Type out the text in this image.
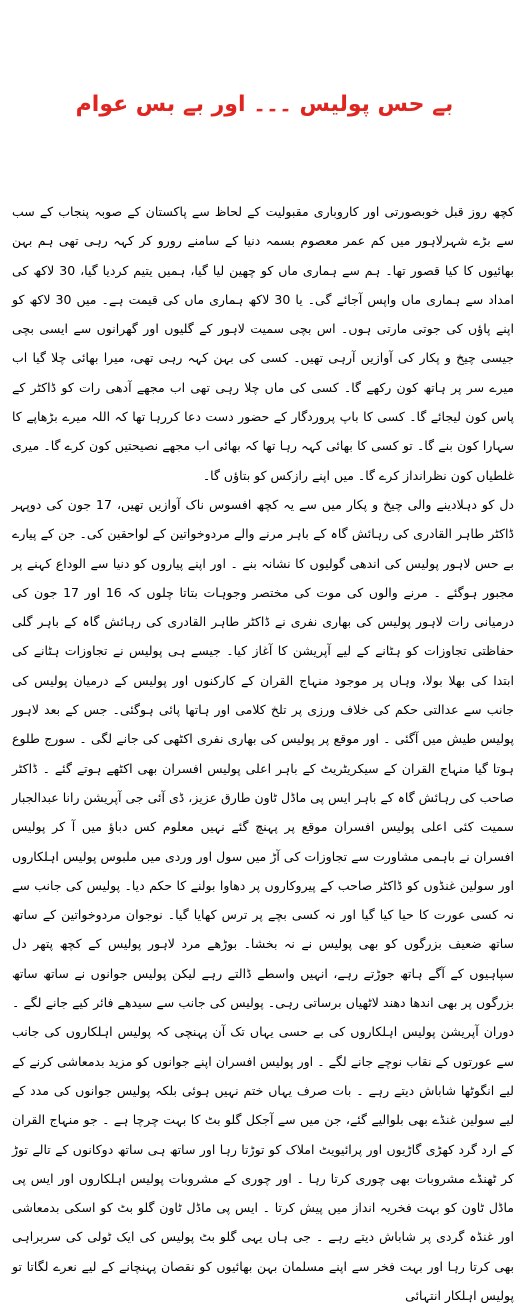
بے حس پولیس ۔۔۔ اور بے بس عوام

کچھ روز قبل خوبصورتی اور کاروباری مقبولیت کے لحاظ سے پاکستان کے صوبہ پنجاب کے سب سے بڑے شہرلاہور میں کم عمر معصوم بسمہ دنیا کے سامنے رورو کر کہہ رہی تھی ہم بہن بھائیوں کا کیا قصور تھا۔ ہم سے ہماری ماں کو چھین لیا گیا، ہمیں یتیم کردیا گیا، 30 لاکھ کی امداد سے ہماری ماں واپس آجائے گی۔ یا 30 لاکھ ہماری ماں کی قیمت ہے۔ میں 30 لاکھ کو اپنے پاؤں کی جوتی مارتی ہوں۔ اس بچی سمیت لاہور کے گلیوں اور گھرانوں سے ایسی بچی جیسی چیخ و پکار کی آوازیں آرہی تھیں۔ کسی کی بہن کہہ رہی تھی، میرا بھائی چلا گیا اب میرے سر پر ہاتھ کون رکھے گا۔ کسی کی ماں چلا رہی تھی اب مجھے آدھی رات کو ڈاکٹر کے پاس کون لیجائے گا۔ کسی کا باپ پروردگار کے حضور دست دعا کررہا تھا کہ اللہ میرے بڑھاپے کا سہارا کون بنے گا۔ تو کسی کا بھائی کہہ رہا تھا کہ بھائی اب مجھے نصیحتیں کون کرے گا۔ میری غلطیاں کون نظرانداز کرے گا۔ میں اپنے رازکس کو بتاؤں گا۔

دل کو دہلادینے والی چیخ و پکار میں سے یہ کچھ افسوس ناک آوازیں تھیں، 17 جون کی دوپہر ڈاکٹر طاہر القادری کی رہائش گاہ کے باہر مرنے والے مردوخواتین کے لواحقین کی۔ جن کے پیارے بے حس لاہور پولیس کی اندھی گولیوں کا نشانہ بنے ۔ اور اپنے پیاروں کو دنیا سے الوداع کہنے پر مجبور ہوگئے ۔ مرنے والوں کی موت کی مختصر وجوہات بتاتا چلوں کہ 16 اور 17 جون کی درمیانی رات لاہور پولیس کی بھاری نفری نے ڈاکٹر طاہر القادری کی رہائش گاہ کے باہر گلی حفاظتی تجاوزات کو ہٹانے کے لیے آپریشن کا آغاز کیا۔ جیسے ہی پولیس نے تجاوزات ہٹانے کی ابتدا کی بھلا بولا، وہاں پر موجود منہاج القران کے کارکنوں اور پولیس کے درمیان پولیس کی جانب سے عدالتی حکم کی خلاف ورزی پر تلخ کلامی اور ہاتھا پائی ہوگئی۔ جس کے بعد لاہور پولیس طیش میں آگئی ۔ اور موقع پر پولیس کی بھاری نفری اکٹھی کی جانے لگی ۔ سورج طلوع ہوتا گیا منہاج القران کے سیکریٹریٹ کے باہر اعلی پولیس افسران بھی اکٹھے ہوتے گئے ۔ ڈاکٹر صاحب کی رہائش گاہ کے باہر ایس پی ماڈل ٹاون طارق عزیز، ڈی آئی جی آپریشن رانا عبدالجبار سمیت کئی اعلی پولیس افسران موقع پر پہنچ گئے نہیں معلوم کس دباؤ میں آ کر پولیس افسران نے باہمی مشاورت سے تجاوزات کی آڑ میں سول اور وردی میں ملبوس پولیس اہلکاروں اور سولین غنڈوں کو ڈاکٹر صاحب کے پیروکاروں پر دھاوا بولنے کا حکم دیا۔ پولیس کی جانب سے نہ کسی عورت کا حیا کیا گیا اور نہ کسی بچے پر ترس کھایا گیا۔ نوجوان مردوخواتین کے ساتھ ساتھ ضعیف بزرگوں کو بھی پولیس نے نہ بخشا۔ بوڑھے مرد لاہور پولیس کے کچھ پتھر دل سپاہیوں کے آگے ہاتھ جوڑتے رہے، انہیں واسطے ڈالتے رہے لیکن پولیس جوانوں نے ساتھ ساتھ بزرگوں پر بھی اندھا دھند لاٹھیاں برساتی رہی۔ پولیس کی جانب سے سیدھے فائر کیے جانے لگے ۔ دوران آپریشن پولیس اہلکاروں کی بے حسی یہاں تک آن پہنچی کہ پولیس اہلکاروں کی جانب سے عورتوں کے نقاب نوچے جانے لگے ۔ اور پولیس افسران اپنے جوانوں کو مزید بدمعاشی کرنے کے لیے انگوٹھا شاباش دیتے رہے ۔ بات صرف یہاں ختم نہیں ہوئی بلکہ پولیس جوانوں کی مدد کے لیے سولین غنڈے بھی بلوالیے گئے، جن میں سے آجکل گلو بٹ کا بہت چرچا ہے ۔ جو منہاج القران کے ارد گرد کھڑی گاڑیوں اور پرائیویٹ املاک کو توڑتا رہا اور ساتھ ہی ساتھ دوکانوں کے تالے توڑ کر ٹھنڈے مشروبات بھی چوری کرتا رہا ۔ اور چوری کے مشروبات پولیس اہلکاروں اور ایس پی ماڈل ٹاون کو بہت فخریہ انداز میں پیش کرتا ۔ ایس پی ماڈل ٹاون گلو بٹ کو اسکی بدمعاشی اور غنڈہ گردی پر شاباش دیتے رہے ۔ جی ہاں یہی گلو بٹ پولیس کی ایک ٹولی کی سربراہی بھی کرتا رہا اور بہت فخر سے اپنے مسلمان بہن بھائیوں کو نقصان پہنچانے کے لیے نعرے لگاتا تو پولیس اہلکار انتہائی
